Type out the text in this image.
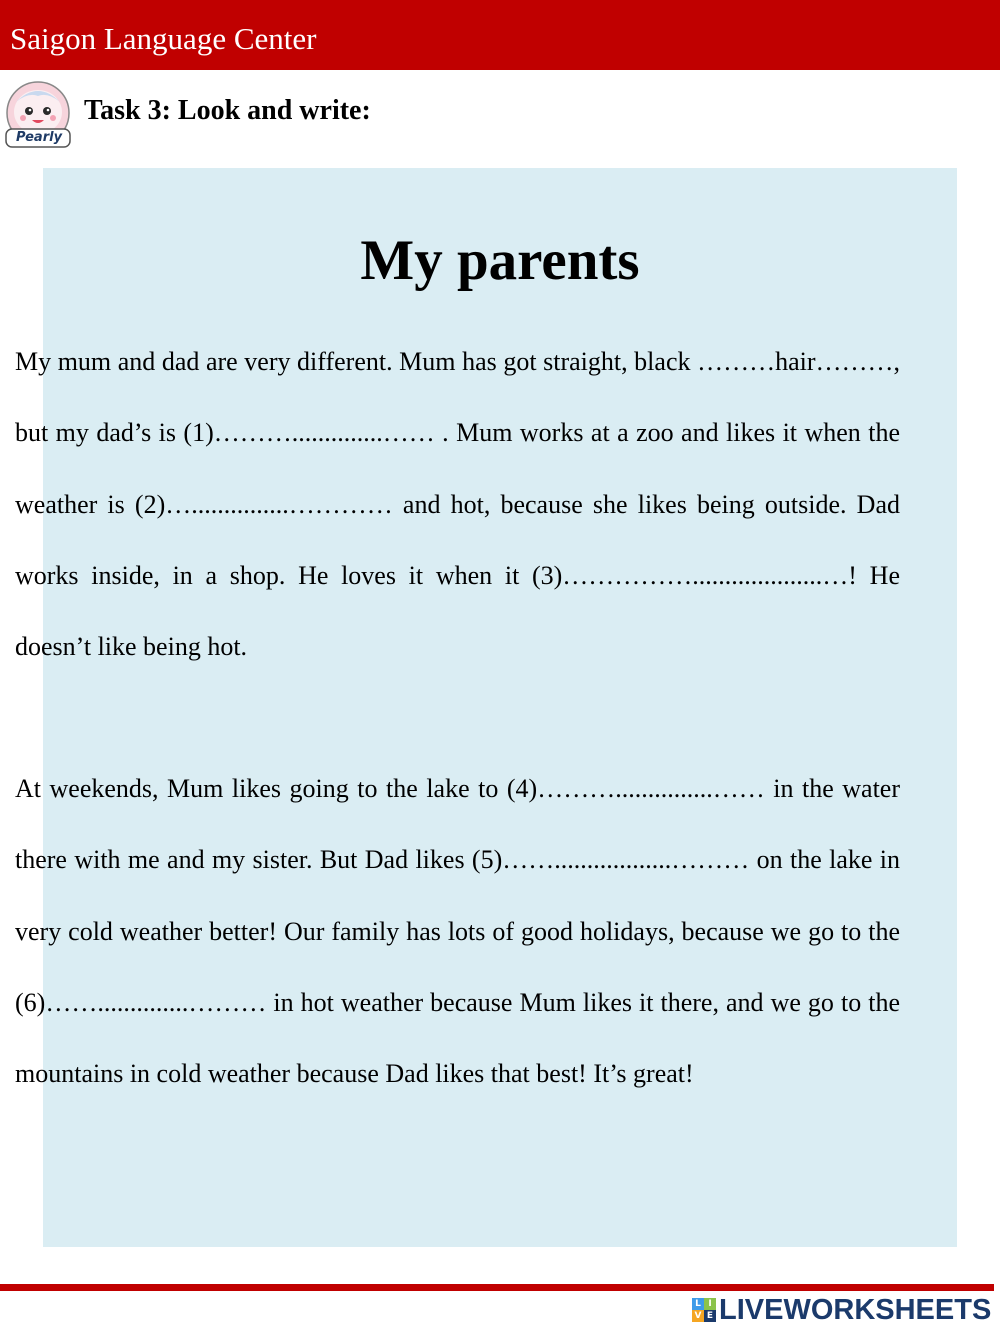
Saigon Language Center
Pearly
Task 3: Look and write:
My parents

My mum and dad are very different. Mum has got straight, black ………hair………, but my dad’s is (1)………..............…… . Mum works at a zoo and likes it when the weather is (2)…...............………… and hot, because she likes being outside. Dad works inside, in a shop. He loves it when it (3)……………....................…! He doesn’t like being hot.

At weekends, Mum likes going to the lake to (4)………...............…… in the water there with me and my sister. But Dad likes (5)……..................……… on the lake in very cold weather better! Our family has lots of good holidays, because we go to the (6)……..............……… in hot weather because Mum likes it there, and we go to the mountains in cold weather because Dad likes that best! It’s great!

L I
V E LIVEWORKSHEETS
